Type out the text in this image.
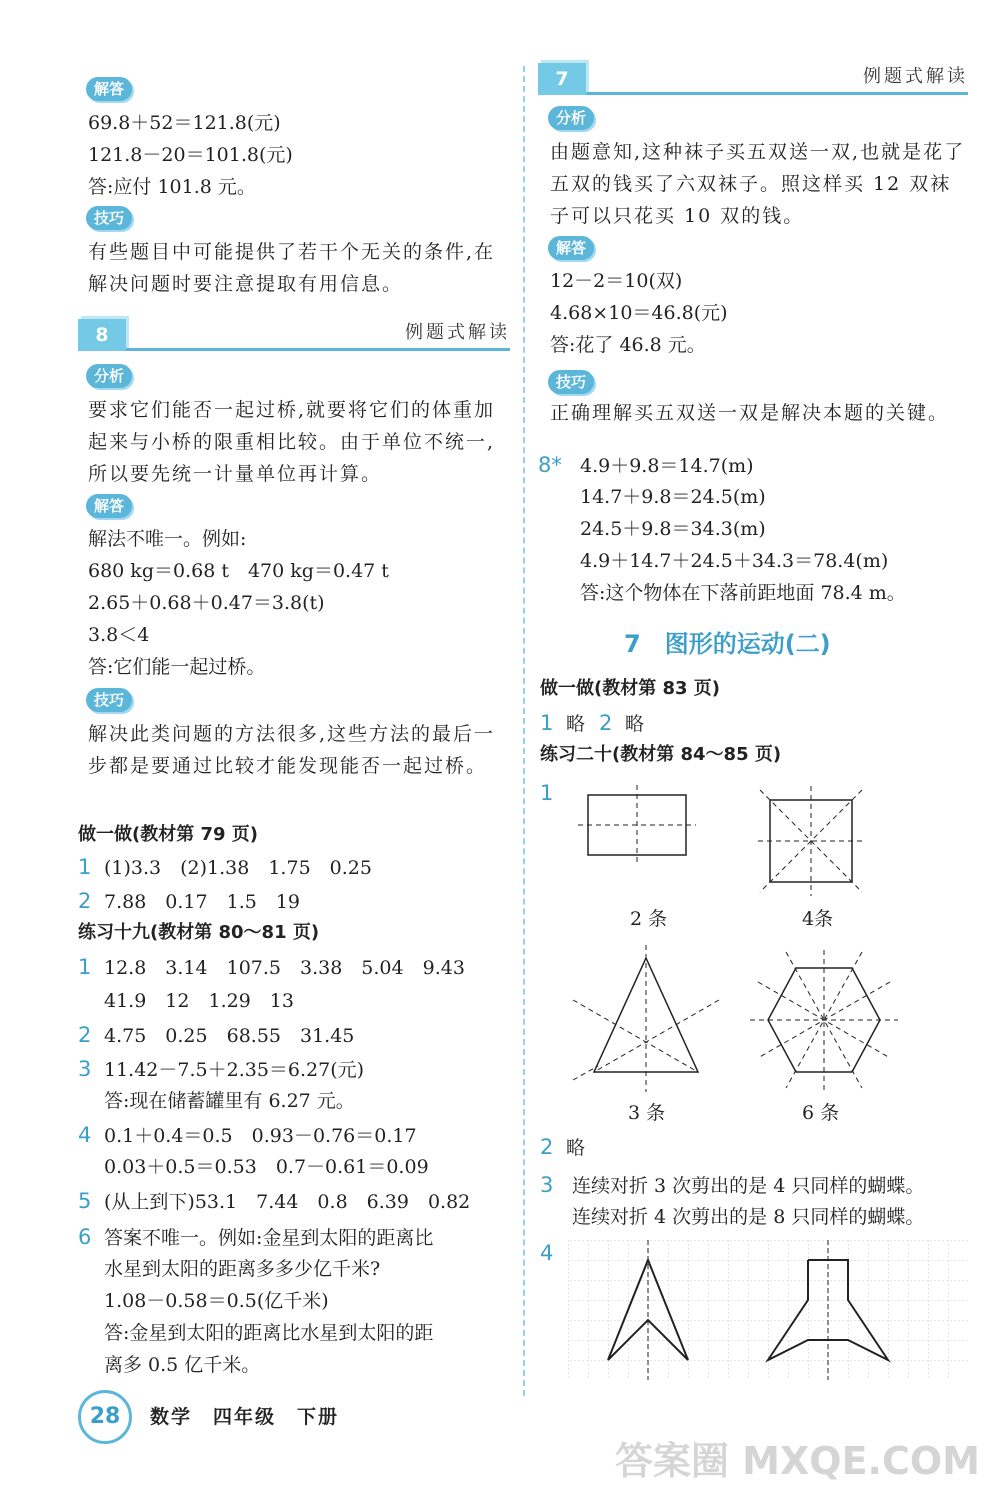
解答
69.8＋52＝121.8(元)
121.8－20＝101.8(元)
答:应付 101.8 元。
技巧
有些题目中可能提供了若干个无关的条件,在解决问题时要注意提取有用信息。
8	例题式解读
分析
要求它们能否一起过桥,就要将它们的体重加起来与小桥的限重相比较。由于单位不统一,所以要先统一计量单位再计算。
解答
解法不唯一。例如:
680 kg＝0.68 t　470 kg＝0.47 t
2.65＋0.68＋0.47＝3.8(t)
3.8＜4
答:它们能一起过桥。
技巧
解决此类问题的方法很多,这些方法的最后一步都是要通过比较才能发现能否一起过桥。
做一做(教材第 79 页)
1 (1)3.3　(2)1.38　1.75　0.25
2 7.88　0.17　1.5　19
练习十九(教材第 80～81 页)
1 12.8　3.14　107.5　3.38　5.04　9.43
41.9　12　1.29　13
2 4.75　0.25　68.55　31.45
3 11.42－7.5＋2.35＝6.27(元)
答:现在储蓄罐里有 6.27 元。
4 0.1＋0.4＝0.5　0.93－0.76＝0.17
0.03＋0.5＝0.53　0.7－0.61＝0.09
5 (从上到下)53.1　7.44　0.8　6.39　0.82
6 答案不唯一。例如:金星到太阳的距离比
水星到太阳的距离多多少亿千米?
1.08－0.58＝0.5(亿千米)
答:金星到太阳的距离比水星到太阳的距
离多 0.5 亿千米。
7	例题式解读
分析
由题意知,这种袜子买五双送一双,也就是花了五双的钱买了六双袜子。照这样买 12 双袜子可以只花买 10 双的钱。
解答
12－2＝10(双)
4.68×10＝46.8(元)
答:花了 46.8 元。
技巧
正确理解买五双送一双是解决本题的关键。
8* 4.9＋9.8＝14.7(m)
14.7＋9.8＝24.5(m)
24.5＋9.8＝34.3(m)
4.9＋14.7＋24.5＋34.3＝78.4(m)
答:这个物体在下落前距地面 78.4 m。
7　图形的运动(二)
做一做(教材第 83 页)
1 略 2 略
练习二十(教材第 84～85 页)
1
2 条	4条
3 条	6 条
2 略
3 连续对折 3 次剪出的是 4 只同样的蝴蝶。
连续对折 4 次剪出的是 8 只同样的蝴蝶。
4
28	数学　四年级　下册
答案圈 MXQE.COM
